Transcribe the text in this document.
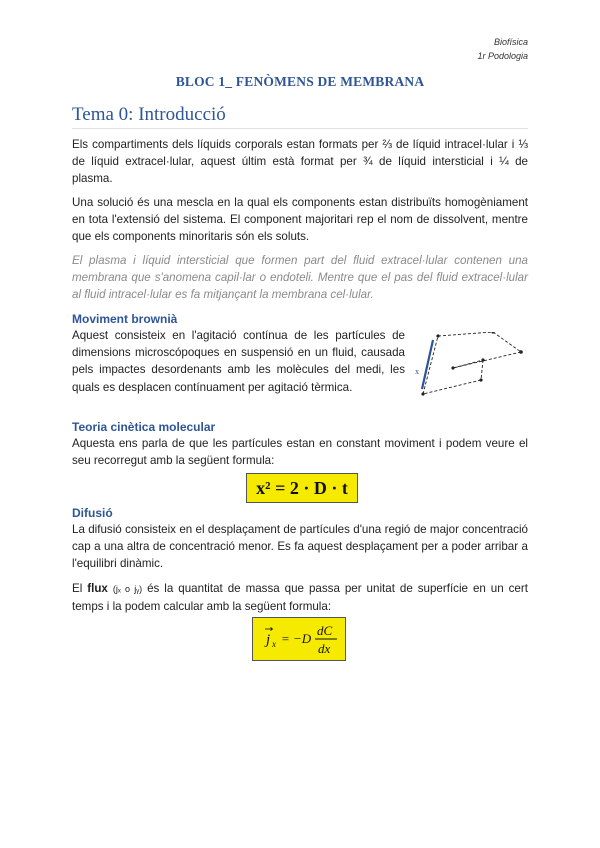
Biofísica
1r Podologia
BLOC 1_ FENÒMENS DE MEMBRANA
Tema 0: Introducció

Els compartiments dels líquids corporals estan formats per ⅔ de líquid intracel·lular i ⅓ de líquid extracel·lular, aquest últim està format per ¾ de líquid intersticial i ¼ de plasma.

Una solució és una mescla en la qual els components estan distribuïts homogèniament en tota l'extensió del sistema. El component majoritari rep el nom de dissolvent, mentre que els components minoritaris són els soluts.

El plasma i líquid intersticial que formen part del fluid extracel·lular contenen una membrana que s'anomena capil·lar o endoteli. Mentre que el pas del fluid extracel·lular al fluid intracel·lular es fa mitjançant la membrana cel·lular.

Moviment brownià

Aquest consisteix en l'agitació contínua de les partícules de dimensions microscópoques en suspensió en un fluid, causada pels impactes desordenants amb les molècules del medi, les quals es desplacen contínuament per agitació tèrmica.

x
Teoria cinètica molecular

Aquesta ens parla de que les partícules estan en constant moviment i podem veure el seu recorregut amb la següent formula:

x² = 2 · D · t
Difusió

La difusió consisteix en el desplaçament de partícules d'una regió de major concentració cap a una altra de concentració menor. Es fa aquest desplaçament per a poder arribar a l'equilibri dinàmic.

El flux (jₓ o jᵧ) és la quantitat de massa que passa per unitat de superfície en un cert temps i la podem calcular amb la següent formula:

j x = −D
dC
dx
